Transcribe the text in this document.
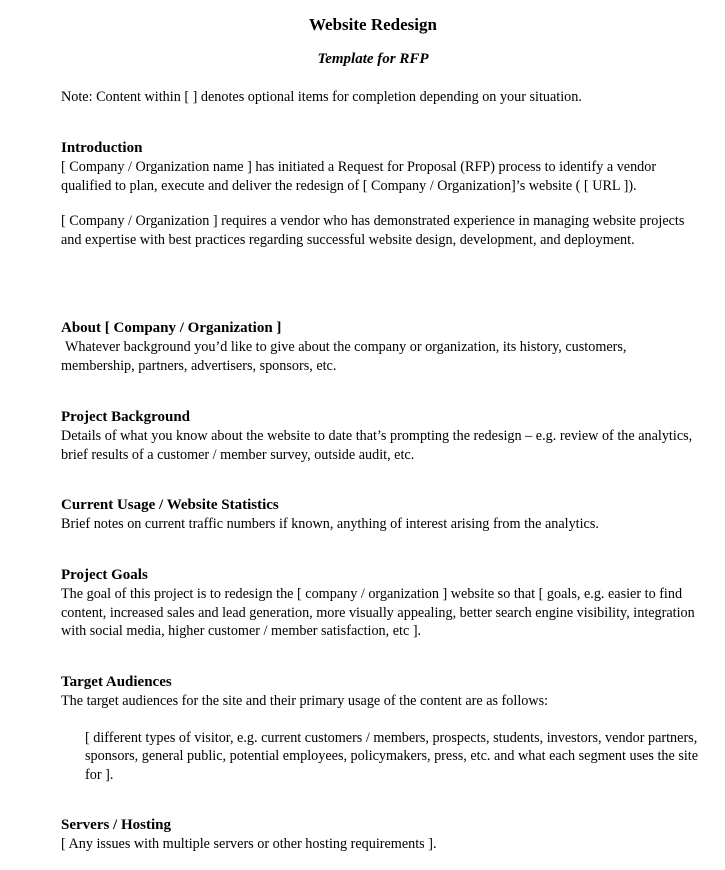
Website Redesign
Template for RFP

Note: Content within [ ] denotes optional items for completion depending on your situation.

Introduction

[ Company / Organization name ] has initiated a Request for Proposal (RFP) process to identify a vendor qualified to plan, execute and deliver the redesign of [ Company / Organization]’s website ( [ URL ]).

[ Company / Organization ] requires a vendor who has demonstrated experience in managing website projects and expertise with best practices regarding successful website design, development, and deployment.

About [ Company / Organization ]

Whatever background you’d like to give about the company or organization, its history, customers, membership, partners, advertisers, sponsors, etc.

Project Background

Details of what you know about the website to date that’s prompting the redesign – e.g. review of the analytics, brief results of a customer / member survey, outside audit, etc.

Current Usage / Website Statistics

Brief notes on current traffic numbers if known, anything of interest arising from the analytics.

Project Goals

The goal of this project is to redesign the [ company / organization ] website so that [ goals, e.g. easier to find content, increased sales and lead generation, more visually appealing, better search engine visibility, integration with social media, higher customer / member satisfaction, etc ].

Target Audiences

The target audiences for the site and their primary usage of the content are as follows:

[ different types of visitor, e.g. current customers / members, prospects, students, investors, vendor partners, sponsors, general public, potential employees, policymakers, press, etc. and what each segment uses the site for ].

Servers / Hosting

[ Any issues with multiple servers or other hosting requirements ].
